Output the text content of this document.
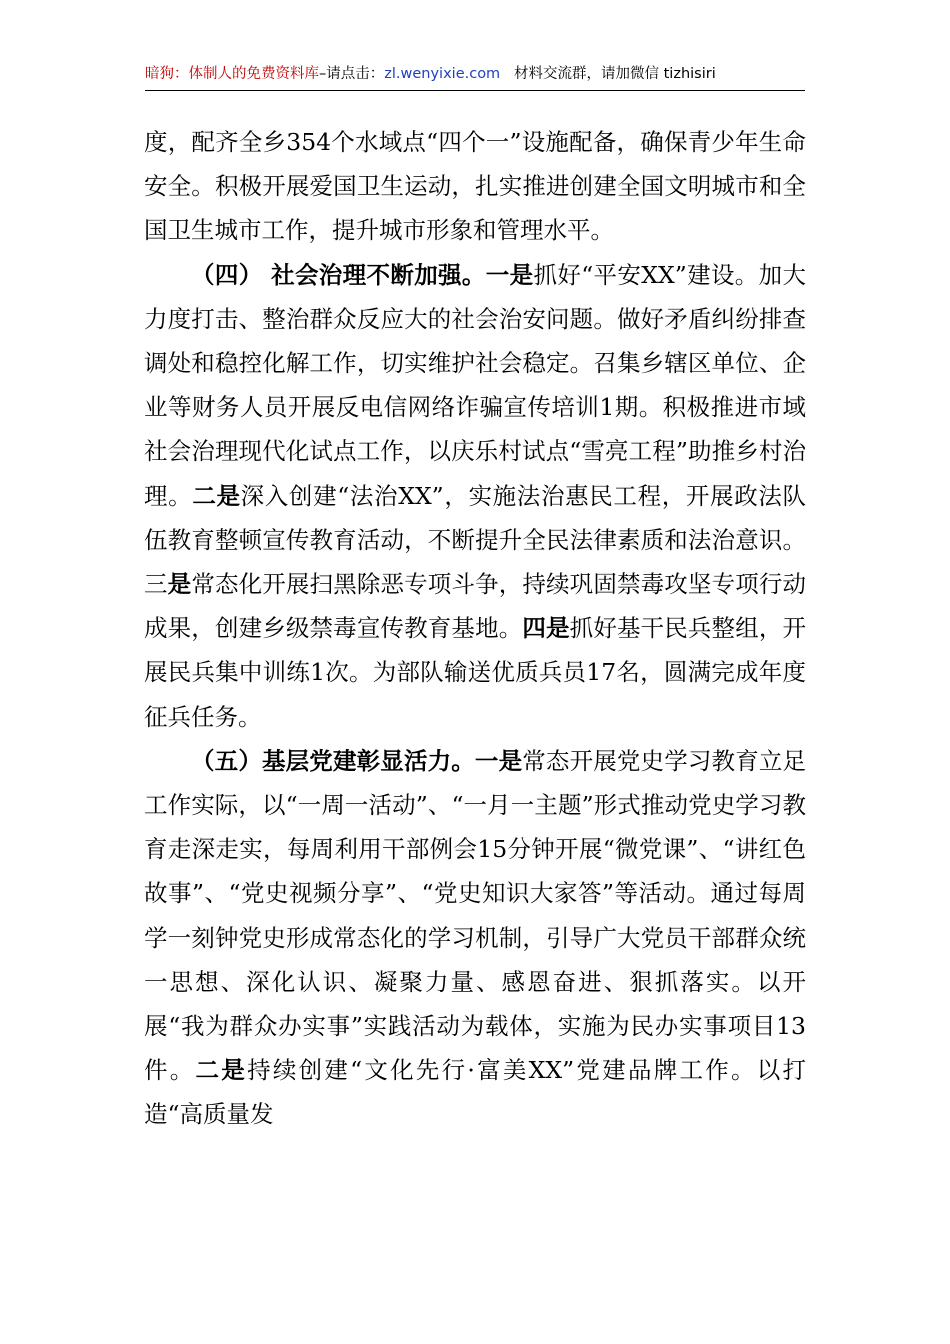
暗狗：体制人的免费资料库–请点击：zl.wenyixie.com 材料交流群，请加微信 tizhisiri

度，配齐全乡354个水域点“四个一”设施配备，确保青少年生命安全。积极开展爱国卫生运动，扎实推进创建全国文明城市和全国卫生城市工作，提升城市形象和管理水平。

（四） 社会治理不断加强。一是抓好“平安XX”建设。加大力度打击、整治群众反应大的社会治安问题。做好矛盾纠纷排查调处和稳控化解工作，切实维护社会稳定。召集乡辖区单位、企业等财务人员开展反电信网络诈骗宣传培训1期。积极推进市域社会治理现代化试点工作，以庆乐村试点“雪亮工程”助推乡村治理。二是深入创建“法治XX”，实施法治惠民工程，开展政法队伍教育整顿宣传教育活动，不断提升全民法律素质和法治意识。三是常态化开展扫黑除恶专项斗争，持续巩固禁毒攻坚专项行动成果，创建乡级禁毒宣传教育基地。四是抓好基干民兵整组，开展民兵集中训练1次。为部队输送优质兵员17名，圆满完成年度征兵任务。

（五）基层党建彰显活力。一是常态开展党史学习教育立足工作实际，以“一周一活动”、“一月一主题”形式推动党史学习教育走深走实，每周利用干部例会15分钟开展“微党课”、“讲红色故事”、“党史视频分享”、“党史知识大家答”等活动。通过每周学一刻钟党史形成常态化的学习机制，引导广大党员干部群众统一思想、深化认识、凝聚力量、感恩奋进、狠抓落实。以开展“我为群众办实事”实践活动为载体，实施为民办实事项目13件。二是持续创建“文化先行·富美XX”党建品牌工作。以打造“高质量发
